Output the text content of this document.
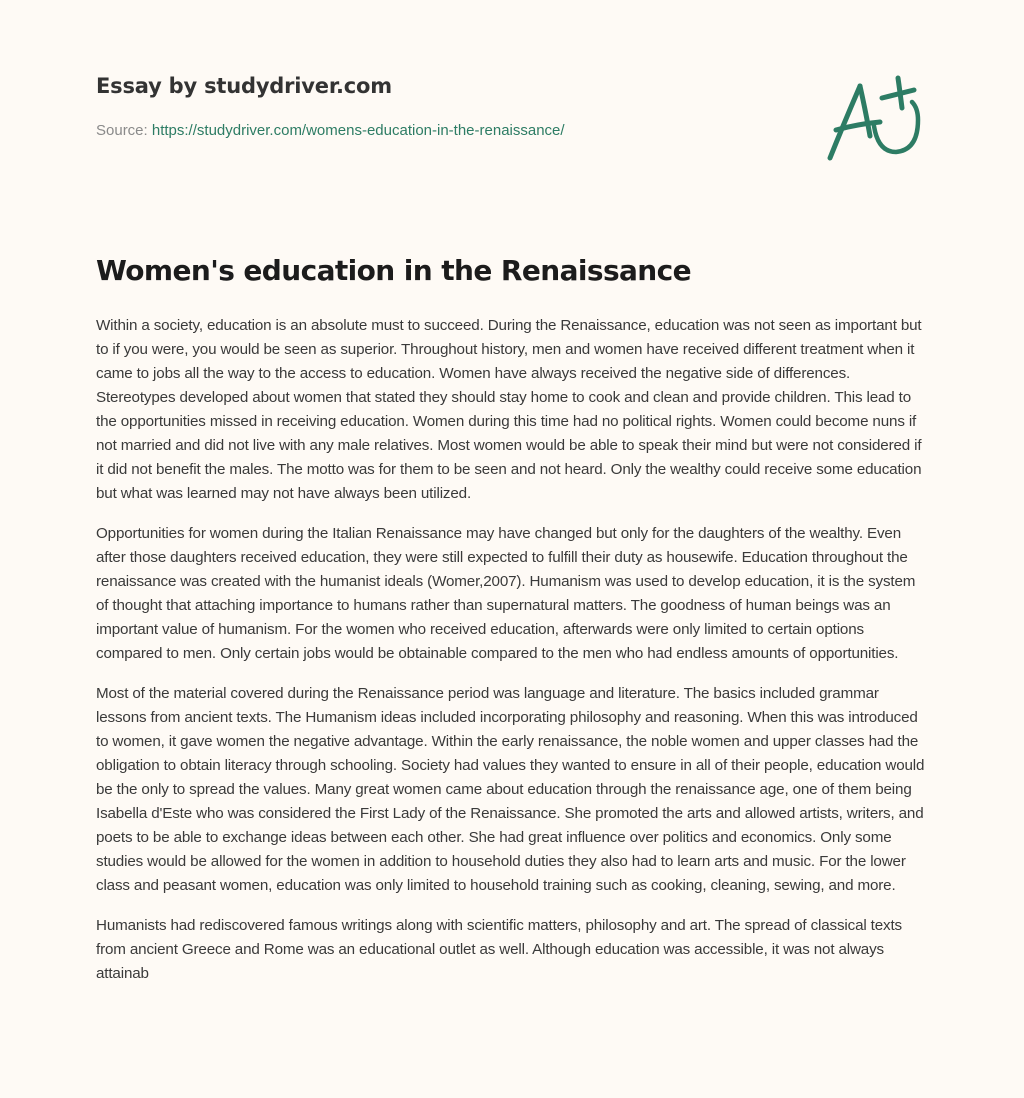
Essay by studydriver.com
Source: https://studydriver.com/womens-education-in-the-renaissance/
Women's education in the Renaissance

Within a society, education is an absolute must to succeed. During the Renaissance, education was not seen as important but to if you were, you would be seen as superior. Throughout history, men and women have received different treatment when it came to jobs all the way to the access to education. Women have always received the negative side of differences. Stereotypes developed about women that stated they should stay home to cook and clean and provide children. This lead to the opportunities missed in receiving education. Women during this time had no political rights. Women could become nuns if not married and did not live with any male relatives. Most women would be able to speak their mind but were not considered if it did not benefit the males. The motto was for them to be seen and not heard. Only the wealthy could receive some education but what was learned may not have always been utilized.

Opportunities for women during the Italian Renaissance may have changed but only for the daughters of the wealthy. Even after those daughters received education, they were still expected to fulfill their duty as housewife. Education throughout the renaissance was created with the humanist ideals (Womer,2007). Humanism was used to develop education, it is the system of thought that attaching importance to humans rather than supernatural matters. The goodness of human beings was an important value of humanism. For the women who received education, afterwards were only limited to certain options compared to men. Only certain jobs would be obtainable compared to the men who had endless amounts of opportunities.

Most of the material covered during the Renaissance period was language and literature. The basics included grammar lessons from ancient texts. The Humanism ideas included incorporating philosophy and reasoning. When this was introduced to women, it gave women the negative advantage. Within the early renaissance, the noble women and upper classes had the obligation to obtain literacy through schooling. Society had values they wanted to ensure in all of their people, education would be the only to spread the values. Many great women came about education through the renaissance age, one of them being Isabella d'Este who was considered the First Lady of the Renaissance. She promoted the arts and allowed artists, writers, and poets to be able to exchange ideas between each other. She had great influence over politics and economics. Only some studies would be allowed for the women in addition to household duties they also had to learn arts and music. For the lower class and peasant women, education was only limited to household training such as cooking, cleaning, sewing, and more.

Humanists had rediscovered famous writings along with scientific matters, philosophy and art. The spread of classical texts from ancient Greece and Rome was an educational outlet as well. Although education was accessible, it was not always attainab
